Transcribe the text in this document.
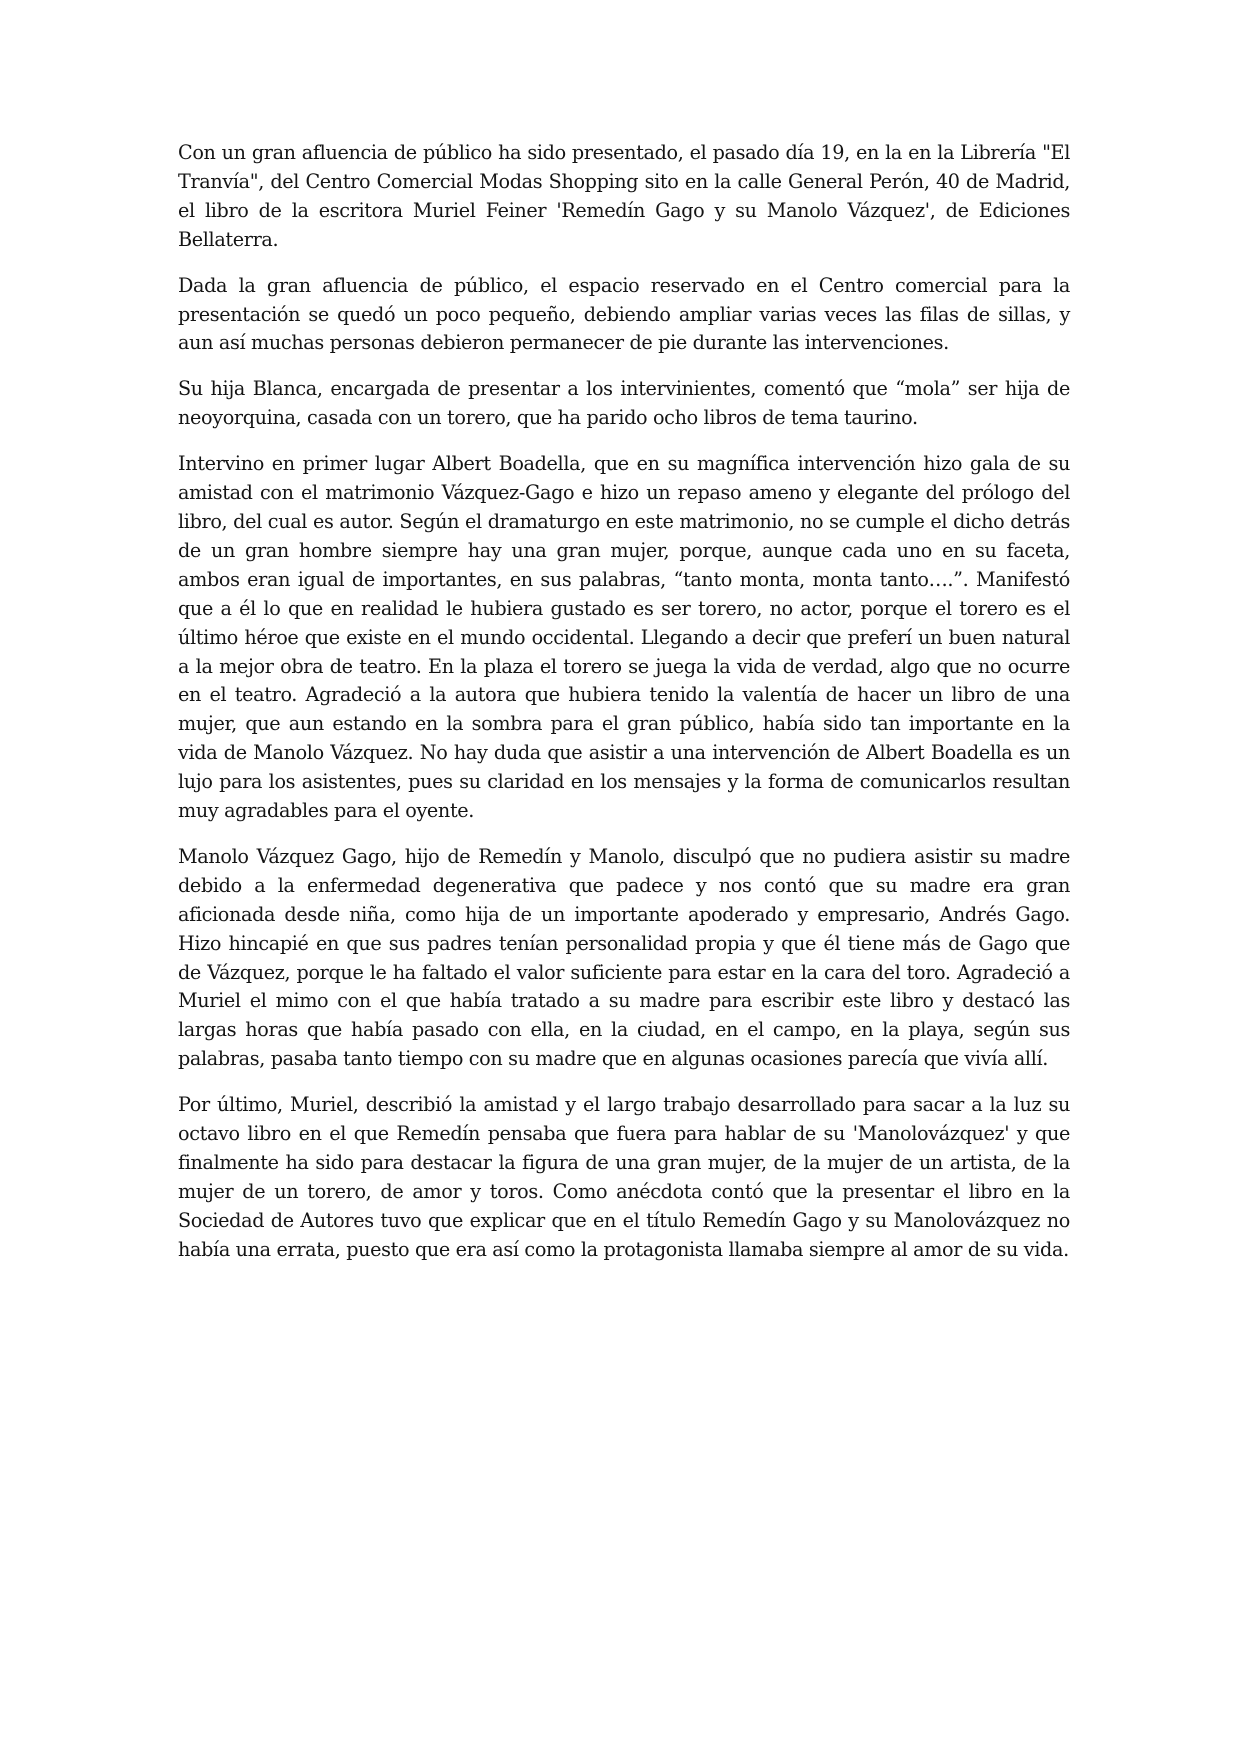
Con un gran afluencia de público ha sido presentado, el pasado día 19, en la en la Librería "El Tranvía", del Centro Comercial Modas Shopping sito en la calle General Perón, 40 de Madrid, el libro de la escritora Muriel Feiner 'Remedín Gago y su Manolo Vázquez', de Ediciones Bellaterra.

Dada la gran afluencia de público, el espacio reservado en el Centro comercial para la presentación se quedó un poco pequeño, debiendo ampliar varias veces las filas de sillas, y aun así muchas personas debieron permanecer de pie durante las intervenciones.

Su hija Blanca, encargada de presentar a los intervinientes, comentó que “mola” ser hija de neoyorquina, casada con un torero, que ha parido ocho libros de tema taurino.

Intervino en primer lugar Albert Boadella, que en su magnífica intervención hizo gala de su amistad con el matrimonio Vázquez-Gago e hizo un repaso ameno y elegante del prólogo del libro, del cual es autor. Según el dramaturgo en este matrimonio, no se cumple el dicho detrás de un gran hombre siempre hay una gran mujer, porque, aunque cada uno en su faceta, ambos eran igual de importantes, en sus palabras, “tanto monta, monta tanto….”. Manifestó que a él lo que en realidad le hubiera gustado es ser torero, no actor, porque el torero es el último héroe que existe en el mundo occidental. Llegando a decir que preferí un buen natural a la mejor obra de teatro. En la plaza el torero se juega la vida de verdad, algo que no ocurre en el teatro. Agradeció a la autora que hubiera tenido la valentía de hacer un libro de una mujer, que aun estando en la sombra para el gran público, había sido tan importante en la vida de Manolo Vázquez. No hay duda que asistir a una intervención de Albert Boadella es un lujo para los asistentes, pues su claridad en los mensajes y la forma de comunicarlos resultan muy agradables para el oyente.

Manolo Vázquez Gago, hijo de Remedín y Manolo, disculpó que no pudiera asistir su madre debido a la enfermedad degenerativa que padece y nos contó que su madre era gran aficionada desde niña, como hija de un importante apoderado y empresario, Andrés Gago. Hizo hincapié en que sus padres tenían personalidad propia y que él tiene más de Gago que de Vázquez, porque le ha faltado el valor suficiente para estar en la cara del toro. Agradeció a Muriel el mimo con el que había tratado a su madre para escribir este libro y destacó las largas horas que había pasado con ella, en la ciudad, en el campo, en la playa, según sus palabras, pasaba tanto tiempo con su madre que en algunas ocasiones parecía que vivía allí.

Por último, Muriel, describió la amistad y el largo trabajo desarrollado para sacar a la luz su octavo libro en el que Remedín pensaba que fuera para hablar de su 'Manolovázquez' y que finalmente ha sido para destacar la figura de una gran mujer, de la mujer de un artista, de la mujer de un torero, de amor y toros. Como anécdota contó que la presentar el libro en la Sociedad de Autores tuvo que explicar que en el título Remedín Gago y su Manolovázquez no había una errata, puesto que era así como la protagonista llamaba siempre al amor de su vida.
